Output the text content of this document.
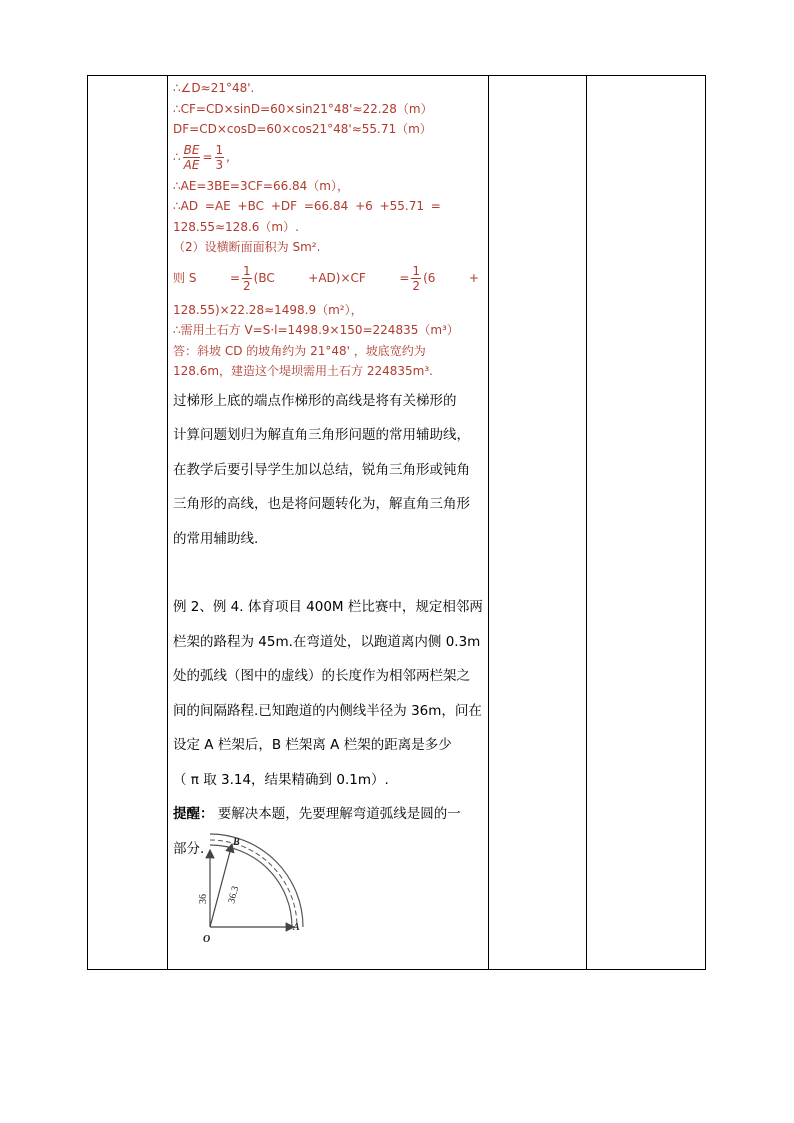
∴∠D≈21°48'.
∴CF=CD×sinD=60×sin21°48'≈22.28（m）
DF=CD×cosD=60×cos21°48'≈55.71（m）
∴ $\frac{BE}{AE} = \frac{1}{3}$ ,
∴AE=3BE=3CF=66.84（m），
∴AD =AE +BC +DF =66.84 +6 +55.71 =
128.55≈128.6（m）.
（2）设横断面面积为 Sm².
则 S	= $\frac{1}{2} (BC$	+AD)×CF	= $\frac{1}{2} (6$	+
128.55)×22.28≈1498.9（m²），
∴需用土石方 V=S·l=1498.9×150=224835（m³）
答：斜坡 CD 的坡角约为 21°48' ，坡底宽约为
128.6m，建造这个堤坝需用土石方 224835m³.
过梯形上底的端点作梯形的高线是将有关梯形的
计算问题划归为解直角三角形问题的常用辅助线，
在教学后要引导学生加以总结，锐角三角形或钝角
三角形的高线，也是将问题转化为，解直角三角形
的常用辅助线.
例 2、例 4. 体育项目 400M 栏比赛中，规定相邻两
栏架的路程为 45m.在弯道处，以跑道离内侧 0.3m
处的弧线（图中的虚线）的长度作为相邻两栏架之
间的间隔路程.已知跑道的内侧线半径为 36m，问在
设定 A 栏架后，B 栏架离 A 栏架的距离是多少
（ π 取 3.14，结果精确到 0.1m）.
提醒： 要解决本题，先要理解弯道弧线是圆的一
部分.	B
A
O
36 36.3
